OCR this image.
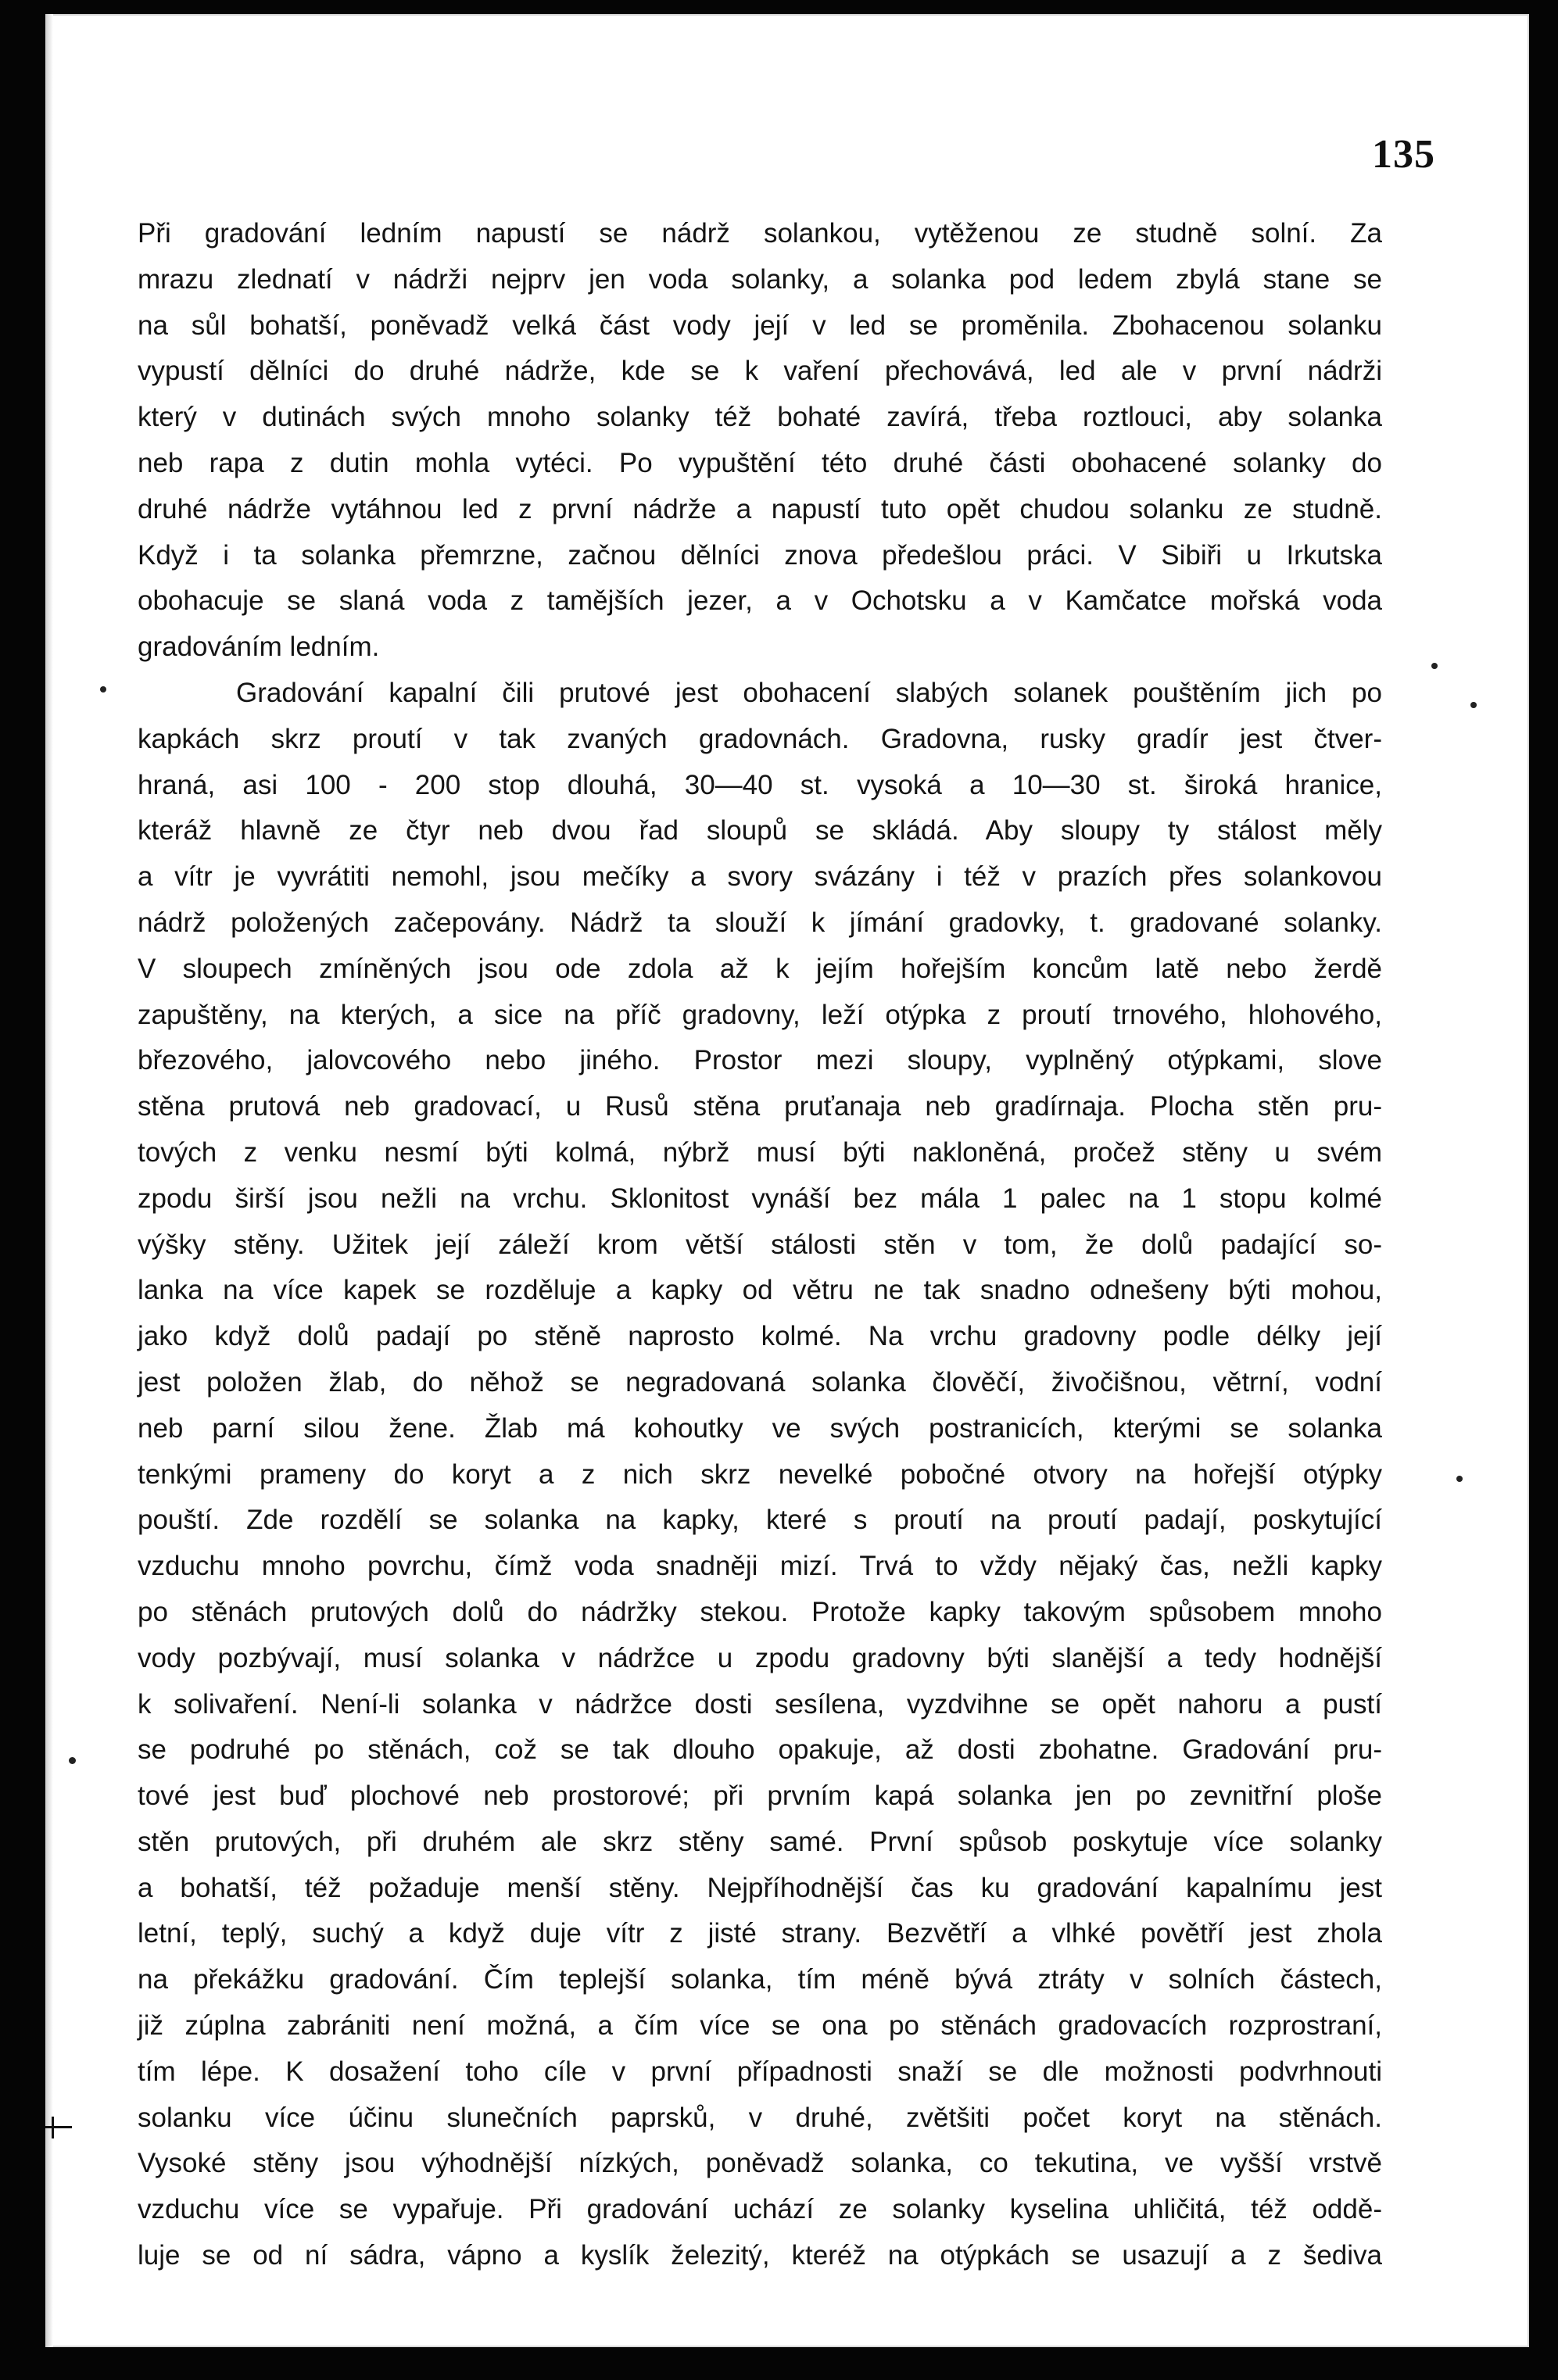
135
Při gradování ledním napustí se nádrž solankou, vytěženou ze studně solní. Za
mrazu zlednatí v nádrži nejprv jen voda solanky, a solanka pod ledem zbylá stane se
na sůl bohatší, poněvadž velká část vody její v led se proměnila. Zbohacenou solanku
vypustí dělníci do druhé nádrže, kde se k vaření přechovává, led ale v první nádrži
který v dutinách svých mnoho solanky též bohaté zavírá, třeba roztlouci, aby solanka
neb rapa z dutin mohla vytéci. Po vypuštění této druhé části obohacené solanky do
druhé nádrže vytáhnou led z první nádrže a napustí tuto opět chudou solanku ze studně.
Když i ta solanka přemrzne, začnou dělníci znova předešlou práci. V Sibiři u Irkutska
obohacuje se slaná voda z tamějších jezer, a v Ochotsku a v Kamčatce mořská voda
gradováním ledním.
Gradování kapalní čili prutové jest obohacení slabých solanek pouštěním jich po
kapkách skrz proutí v tak zvaných gradovnách. Gradovna, rusky gradír jest čtver-
hraná, asi 100 - 200 stop dlouhá, 30—40 st. vysoká a 10—30 st. široká hranice,
kteráž hlavně ze čtyr neb dvou řad sloupů se skládá. Aby sloupy ty stálost měly
a vítr je vyvrátiti nemohl, jsou mečíky a svory svázány i též v prazích přes solankovou
nádrž položených začepovány. Nádrž ta slouží k jímání gradovky, t. gradované solanky.
V sloupech zmíněných jsou ode zdola až k jejím hořejším koncům latě nebo žerdě
zapuštěny, na kterých, a sice na příč gradovny, leží otýpka z proutí trnového, hlohového,
březového, jalovcového nebo jiného. Prostor mezi sloupy, vyplněný otýpkami, slove
stěna prutová neb gradovací, u Rusů stěna pruťanaja neb gradírnaja. Plocha stěn pru-
tových z venku nesmí býti kolmá, nýbrž musí býti nakloněná, pročež stěny u svém
zpodu širší jsou nežli na vrchu. Sklonitost vynáší bez mála 1 palec na 1 stopu kolmé
výšky stěny. Užitek její záleží krom větší stálosti stěn v tom, že dolů padající so-
lanka na více kapek se rozděluje a kapky od větru ne tak snadno odnešeny býti mohou,
jako když dolů padají po stěně naprosto kolmé. Na vrchu gradovny podle délky její
jest položen žlab, do něhož se negradovaná solanka člověčí, živočišnou, větrní, vodní
neb parní silou žene. Žlab má kohoutky ve svých postranicích, kterými se solanka
tenkými prameny do koryt a z nich skrz nevelké pobočné otvory na hořejší otýpky
pouští. Zde rozdělí se solanka na kapky, které s proutí na proutí padají, poskytující
vzduchu mnoho povrchu, čímž voda snadněji mizí. Trvá to vždy nějaký čas, nežli kapky
po stěnách prutových dolů do nádržky stekou. Protože kapky takovým spůsobem mnoho
vody pozbývají, musí solanka v nádržce u zpodu gradovny býti slanější a tedy hodnější
k solivaření. Není-li solanka v nádržce dosti sesílena, vyzdvihne se opět nahoru a pustí
se podruhé po stěnách, což se tak dlouho opakuje, až dosti zbohatne. Gradování pru-
tové jest buď plochové neb prostorové; při prvním kapá solanka jen po zevnitřní ploše
stěn prutových, při druhém ale skrz stěny samé. První spůsob poskytuje více solanky
a bohatší, též požaduje menší stěny. Nejpříhodnější čas ku gradování kapalnímu jest
letní, teplý, suchý a když duje vítr z jisté strany. Bezvětří a vlhké povětří jest zhola
na překážku gradování. Čím teplejší solanka, tím méně bývá ztráty v solních částech,
již zúplna zabrániti není možná, a čím více se ona po stěnách gradovacích rozprostraní,
tím lépe. K dosažení toho cíle v první případnosti snaží se dle možnosti podvrhnouti
solanku více účinu slunečních paprsků, v druhé, zvětšiti počet koryt na stěnách.
Vysoké stěny jsou výhodnější nízkých, poněvadž solanka, co tekutina, ve vyšší vrstvě
vzduchu více se vypařuje. Při gradování uchází ze solanky kyselina uhličitá, též oddě-
luje se od ní sádra, vápno a kyslík železitý, kteréž na otýpkách se usazují a z šediva
